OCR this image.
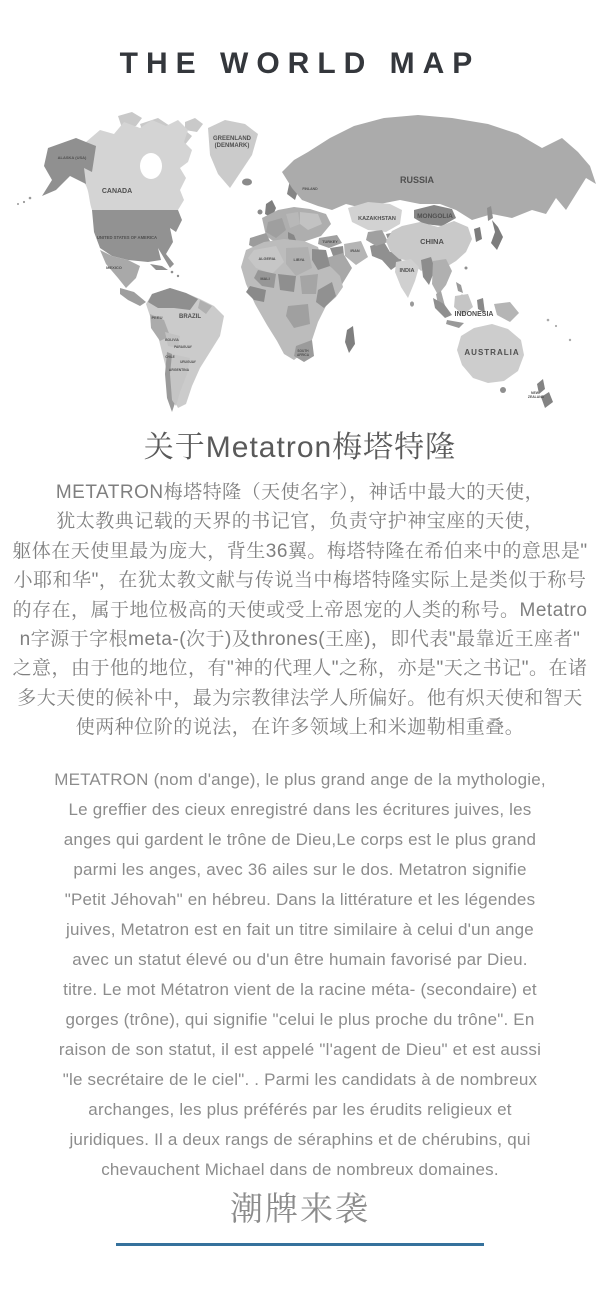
THE WORLD MAP
GREENLAND
(DENMARK)
ALASKA (USA)
CANADA
UNITED STATES OF AMERICA
MEXICO
RUSSIA
KAZAKHSTAN	MONGOLIA
CHINA
INDIA
TURKEY
IRAN
FINLAND
ALGERIA	LIBYA
MALI
SOUTH
AFRICA
BRAZIL
PERU
BOLIVIA
PARAGUAY
CHILE
URUGUAY
ARGENTINA
INDONESIA
AUSTRALIA
NEW
ZEALAND
关于Metatron梅塔特隆
METATRON梅塔特隆（天使名字），神话中最大的天使，
犹太教典记载的天界的书记官，负责守护神宝座的天使，
躯体在天使里最为庞大，背生36翼。梅塔特隆在希伯来中的意思是"
小耶和华"，在犹太教文献与传说当中梅塔特隆实际上是类似于称号
的存在，属于地位极高的天使或受上帝恩宠的人类的称号。Metatro
n字源于字根meta-(次于)及thrones(王座)，即代表"最靠近王座者"
之意，由于他的地位，有"神的代理人"之称，亦是"天之书记"。在诸
多大天使的候补中，最为宗教律法学人所偏好。他有炽天使和智天
使两种位阶的说法，在许多领域上和米迦勒相重叠。
METATRON (nom d'ange), le plus grand ange de la mythologie,
Le greffier des cieux enregistré dans les écritures juives, les
anges qui gardent le trône de Dieu,Le corps est le plus grand
parmi les anges, avec 36 ailes sur le dos. Metatron signifie
"Petit Jéhovah" en hébreu. Dans la littérature et les légendes
juives, Metatron est en fait un titre similaire à celui d'un ange
avec un statut élevé ou d'un être humain favorisé par Dieu.
titre. Le mot Métatron vient de la racine méta- (secondaire) et
gorges (trône), qui signifie "celui le plus proche du trône". En
raison de son statut, il est appelé "l'agent de Dieu" et est aussi
"le secrétaire de le ciel". . Parmi les candidats à de nombreux
archanges, les plus préférés par les érudits religieux et
juridiques. Il a deux rangs de séraphins et de chérubins, qui
chevauchent Michael dans de nombreux domaines.
潮牌来袭
